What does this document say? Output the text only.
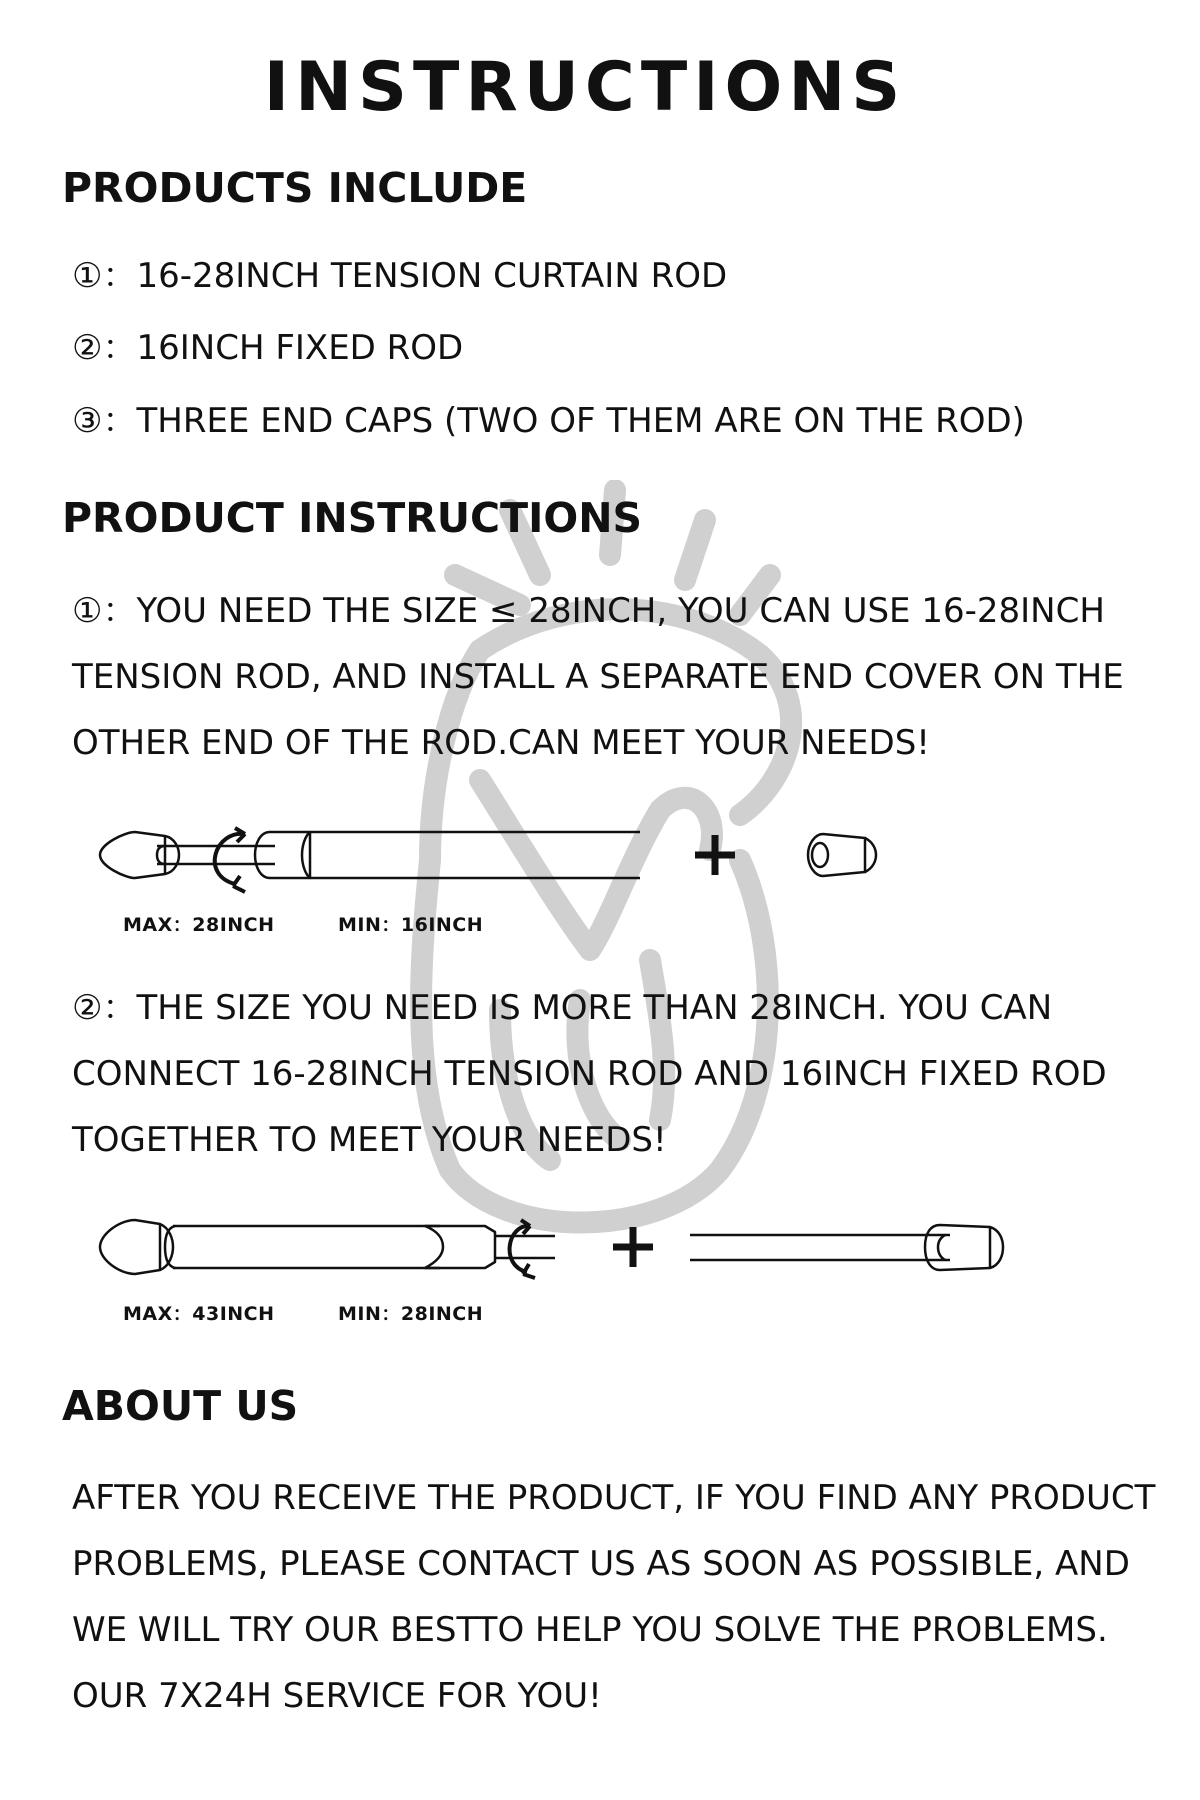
INSTRUCTIONS
PRODUCTS INCLUDE
①：16-28INCH TENSION CURTAIN ROD
②：16INCH FIXED ROD
③：THREE END CAPS (TWO OF THEM ARE ON THE ROD)
PRODUCT INSTRUCTIONS
①：YOU NEED THE SIZE ≤ 28INCH, YOU CAN USE 16-28INCH TENSION ROD, AND INSTALL A SEPARATE END COVER ON THE OTHER END OF THE ROD.CAN MEET YOUR NEEDS!
MAX：28INCH	MIN：16INCH
②：THE SIZE YOU NEED IS MORE THAN 28INCH. YOU CAN CONNECT 16-28INCH TENSION ROD AND 16INCH FIXED ROD TOGETHER TO MEET YOUR NEEDS!
MAX：43INCH	MIN：28INCH
ABOUT US
AFTER YOU RECEIVE THE PRODUCT, IF YOU FIND ANY PRODUCT PROBLEMS, PLEASE CONTACT US AS SOON AS POSSIBLE, AND WE WILL TRY OUR BESTTO HELP YOU SOLVE THE PROBLEMS. OUR 7X24H SERVICE FOR YOU!
